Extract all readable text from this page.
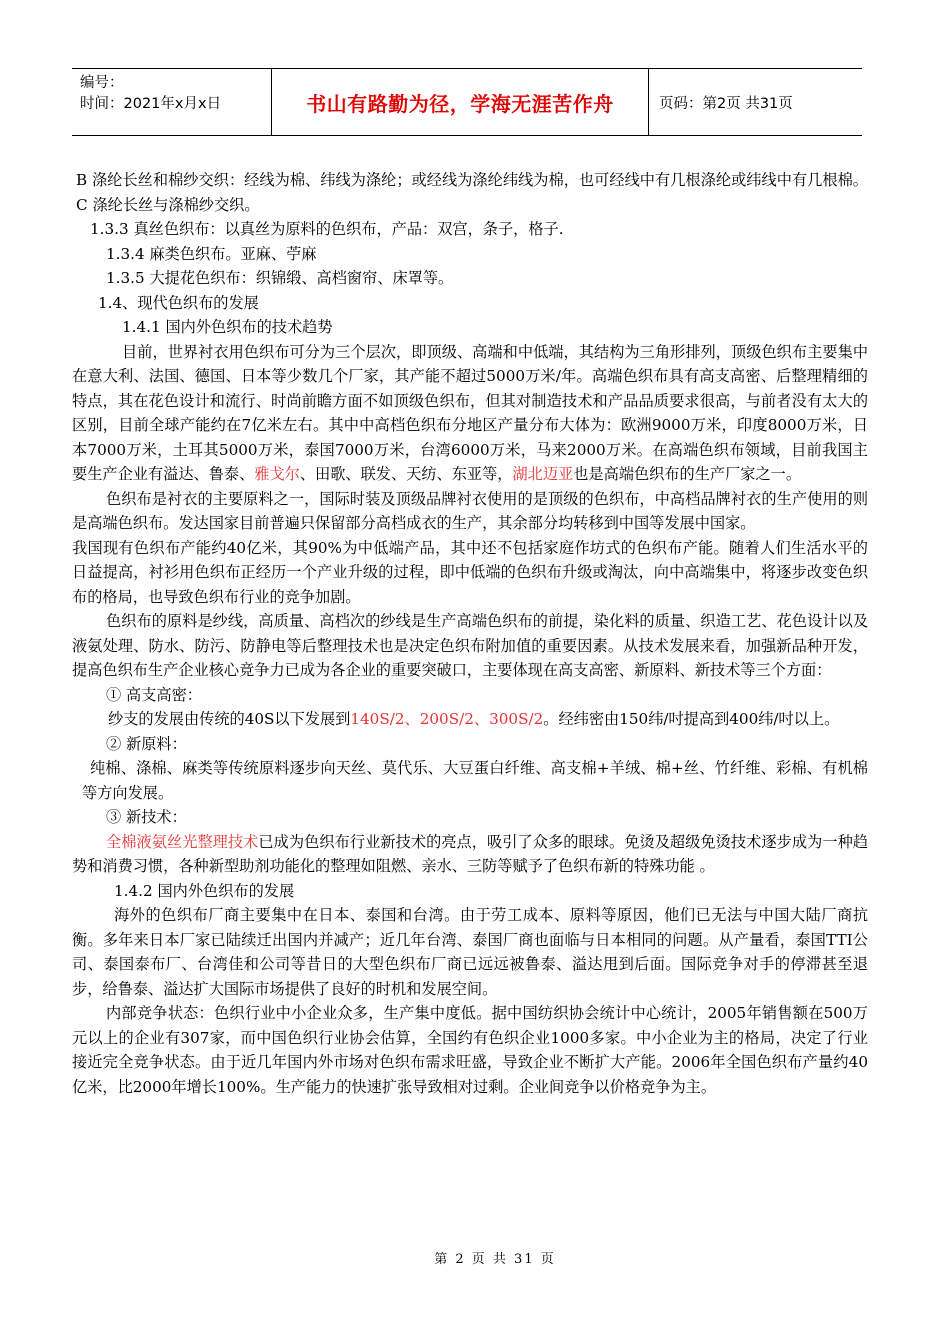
编号：
时间：2021年x月x日	书山有路勤为径，学海无涯苦作舟	页码：第2页 共31页

B 涤纶长丝和棉纱交织：经线为棉、纬线为涤纶；或经线为涤纶纬线为棉，也可经线中有几根涤纶或纬线中有几根棉。C 涤纶长丝与涤棉纱交织。

1.3.3 真丝色织布：以真丝为原料的色织布，产品：双宫，条子，格子.

1.3.4 麻类色织布。亚麻、苧麻

1.3.5 大提花色织布：织锦缎、高档窗帘、床罩等。

1.4、现代色织布的发展

1.4.1 国内外色织布的技术趋势

目前，世界衬衣用色织布可分为三个层次，即顶级、高端和中低端，其结构为三角形排列，顶级色织布主要集中在意大利、法国、德国、日本等少数几个厂家，其产能不超过5000万米/年。高端色织布具有高支高密、后整理精细的特点，其在花色设计和流行、时尚前瞻方面不如顶级色织布，但其对制造技术和产品品质要求很高，与前者没有太大的区别，目前全球产能约在7亿米左右。其中中高档色织布分地区产量分布大体为：欧洲9000万米，印度8000万米，日本7000万米，土耳其5000万米，泰国7000万米，台湾6000万米，马来2000万米。在高端色织布领域，目前我国主要生产企业有溢达、鲁泰、雅戈尔、田歌、联发、天纺、东亚等，湖北迈亚也是高端色织布的生产厂家之一。

色织布是衬衣的主要原料之一，国际时装及顶级品牌衬衣使用的是顶级的色织布，中高档品牌衬衣的生产使用的则是高端色织布。发达国家目前普遍只保留部分高档成衣的生产，其余部分均转移到中国等发展中国家。

我国现有色织布产能约40亿米，其90%为中低端产品，其中还不包括家庭作坊式的色织布产能。随着人们生活水平的日益提高，衬衫用色织布正经历一个产业升级的过程，即中低端的色织布升级或淘汰，向中高端集中，将逐步改变色织布的格局，也导致色织布行业的竞争加剧。

色织布的原料是纱线，高质量、高档次的纱线是生产高端色织布的前提，染化料的质量、织造工艺、花色设计以及液氨处理、防水、防污、防静电等后整理技术也是决定色织布附加值的重要因素。从技术发展来看，加强新品种开发，提高色织布生产企业核心竞争力已成为各企业的重要突破口，主要体现在高支高密、新原料、新技术等三个方面：

① 高支高密：

纱支的发展由传统的40S以下发展到140S/2、200S/2、300S/2。经纬密由150纬/吋提高到400纬/吋以上。

② 新原料：

纯棉、涤棉、麻类等传统原料逐步向天丝、莫代乐、大豆蛋白纤维、高支棉+羊绒、棉+丝、竹纤维、彩棉、有机棉等方向发展。

③ 新技术：

全棉液氨丝光整理技术已成为色织布行业新技术的亮点，吸引了众多的眼球。免烫及超级免烫技术逐步成为一种趋势和消费习惯，各种新型助剂功能化的整理如阻燃、亲水、三防等赋予了色织布新的特殊功能 。

1.4.2 国内外色织布的发展

海外的色织布厂商主要集中在日本、泰国和台湾。由于劳工成本、原料等原因，他们已无法与中国大陆厂商抗衡。多年来日本厂家已陆续迁出国内并减产；近几年台湾、泰国厂商也面临与日本相同的问题。从产量看，泰国TTI公司、泰国泰布厂、台湾佳和公司等昔日的大型色织布厂商已远远被鲁泰、溢达甩到后面。国际竞争对手的停滞甚至退步，给鲁泰、溢达扩大国际市场提供了良好的时机和发展空间。

内部竞争状态：色织行业中小企业众多，生产集中度低。据中国纺织协会统计中心统计，2005年销售额在500万元以上的企业有307家，而中国色织行业协会估算，全国约有色织企业1000多家。中小企业为主的格局，决定了行业接近完全竞争状态。由于近几年国内外市场对色织布需求旺盛，导致企业不断扩大产能。2006年全国色织布产量约40亿米，比2000年增长100%。生产能力的快速扩张导致相对过剩。企业间竞争以价格竞争为主。

第 2 页 共 31 页
